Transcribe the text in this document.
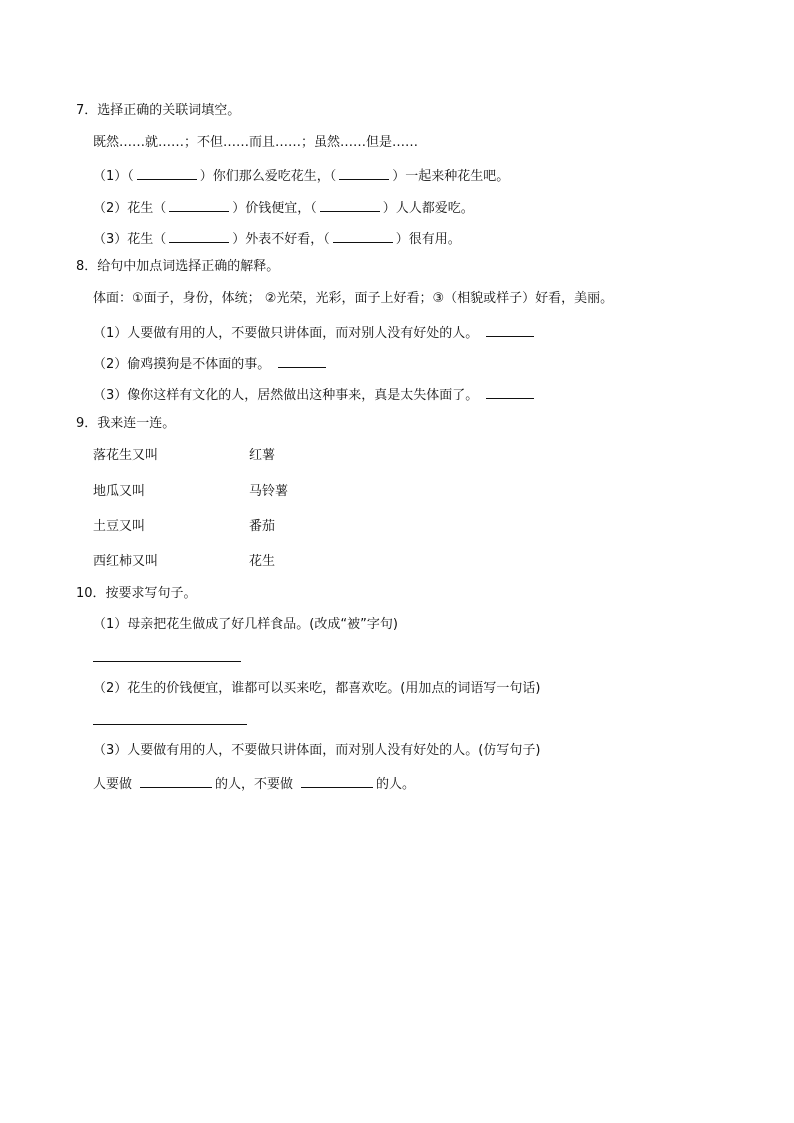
7．选择正确的关联词填空。
既然……就……；不但……而且……；虽然……但是……
（1）（	）你们那么爱吃花生，（	）一起来种花生吧。
（2）花生（	）价钱便宜，（	）人人都爱吃。
（3）花生（	）外表不好看，（	）很有用。
8．给句中加点词选择正确的解释。
体面：①面子，身份，体统； ②光荣，光彩，面子上好看；③（相貌或样子）好看，美丽。
（1）人要做有用的人，不要做只讲体面，而对别人没有好处的人。
（2）偷鸡摸狗是不体面的事。
（3）像你这样有文化的人，居然做出这种事来，真是太失体面了。
9．我来连一连。
落花生又叫	红薯
地瓜又叫	马铃薯
土豆又叫	番茄
西红柿又叫	花生
10．按要求写句子。
（1）母亲把花生做成了好几样食品。(改成“被”字句)
（2）花生的价钱便宜，谁都可以买来吃，都喜欢吃。(用加点的词语写一句话)
（3）人要做有用的人，不要做只讲体面，而对别人没有好处的人。(仿写句子)
人要做	的人，不要做	的人。
